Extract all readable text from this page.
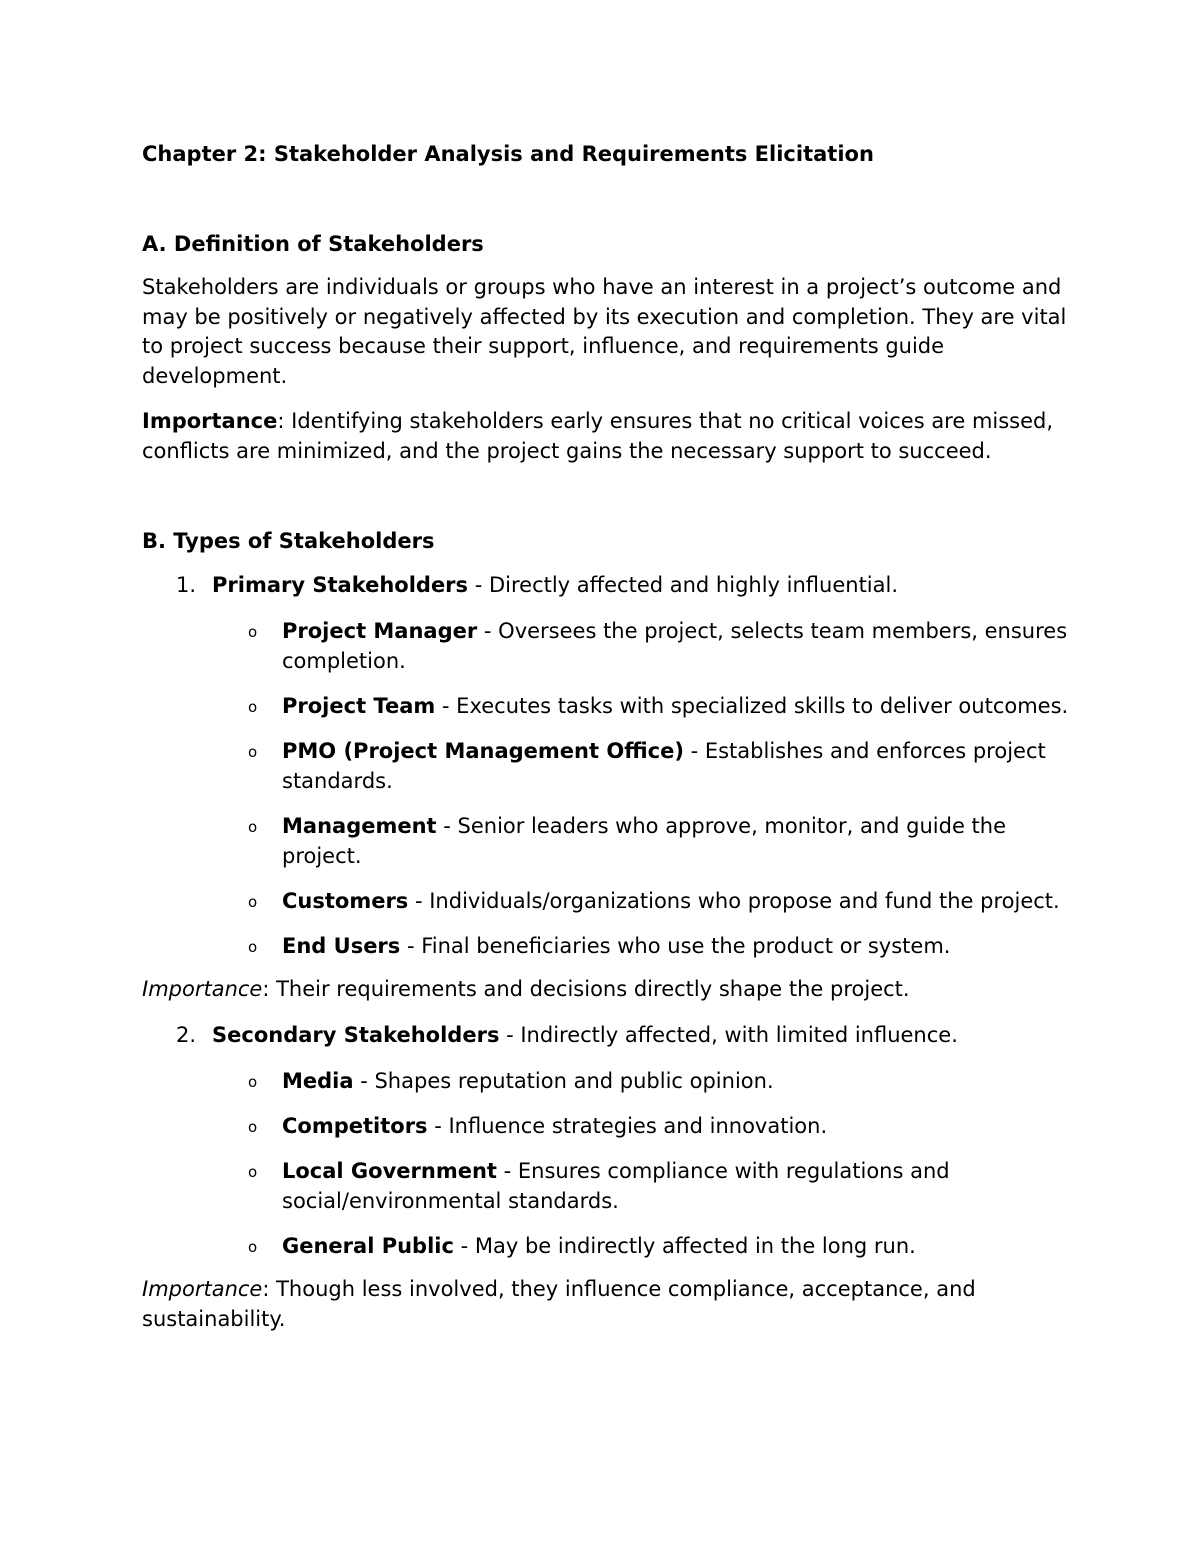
Chapter 2: Stakeholder Analysis and Requirements Elicitation
A. Definition of Stakeholders

Stakeholders are individuals or groups who have an interest in a project’s outcome and may be positively or negatively affected by its execution and completion. They are vital to project success because their support, influence, and requirements guide development.

Importance: Identifying stakeholders early ensures that no critical voices are missed, conflicts are minimized, and the project gains the necessary support to succeed.

B. Types of Stakeholders
1. Primary Stakeholders - Directly affected and highly influential.
o Project Manager - Oversees the project, selects team members, ensures completion.
o Project Team - Executes tasks with specialized skills to deliver outcomes.
o PMO (Project Management Office) - Establishes and enforces project standards.
o Management - Senior leaders who approve, monitor, and guide the project.
o Customers - Individuals/organizations who propose and fund the project.
o End Users - Final beneficiaries who use the product or system.

Importance: Their requirements and decisions directly shape the project.

2. Secondary Stakeholders - Indirectly affected, with limited influence.
o Media - Shapes reputation and public opinion.
o Competitors - Influence strategies and innovation.
o Local Government - Ensures compliance with regulations and social/environmental standards.
o General Public - May be indirectly affected in the long run.

Importance: Though less involved, they influence compliance, acceptance, and sustainability.
